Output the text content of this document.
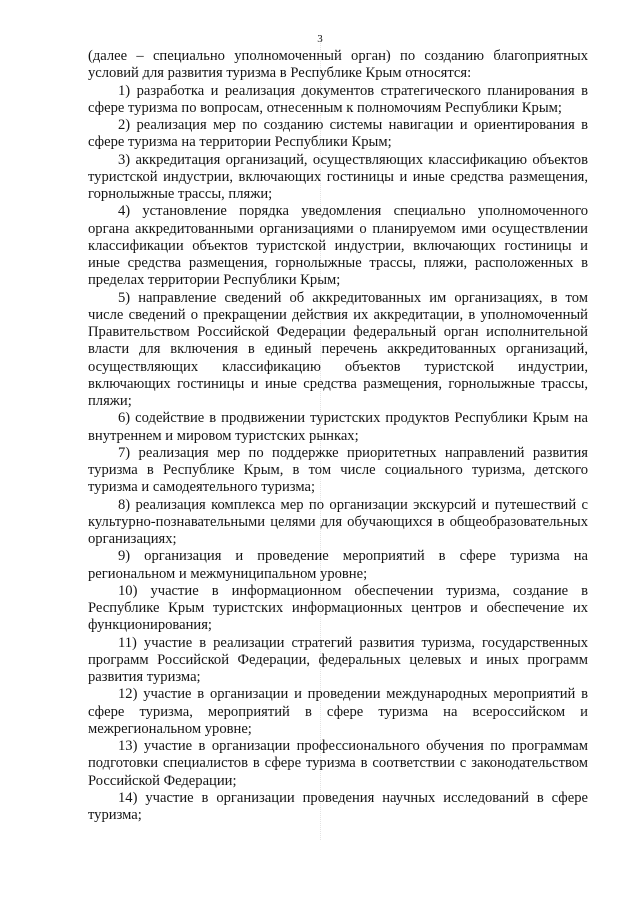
3

(далее – специально уполномоченный орган) по созданию благоприятных условий для развития туризма в Республике Крым относятся:

1) разработка и реализация документов стратегического планирования в сфере туризма по вопросам, отнесенным к полномочиям Республики Крым;

2) реализация мер по созданию системы навигации и ориентирования в сфере туризма на территории Республики Крым;

3) аккредитация организаций, осуществляющих классификацию объектов туристской индустрии, включающих гостиницы и иные средства размещения, горнолыжные трассы, пляжи;

4) установление порядка уведомления специально уполномоченного органа аккредитованными организациями о планируемом ими осуществлении классификации объектов туристской индустрии, включающих гостиницы и иные средства размещения, горнолыжные трассы, пляжи, расположенных в пределах территории Республики Крым;

5) направление сведений об аккредитованных им организациях, в том числе сведений о прекращении действия их аккредитации, в уполномоченный Правительством Российской Федерации федеральный орган исполнительной власти для включения в единый перечень аккредитованных организаций, осуществляющих классификацию объектов туристской индустрии, включающих гостиницы и иные средства размещения, горнолыжные трассы, пляжи;

6) содействие в продвижении туристских продуктов Республики Крым на внутреннем и мировом туристских рынках;

7) реализация мер по поддержке приоритетных направлений развития туризма в Республике Крым, в том числе социального туризма, детского туризма и самодеятельного туризма;

8) реализация комплекса мер по организации экскурсий и путешествий с культурно-познавательными целями для обучающихся в общеобразовательных организациях;

9) организация и проведение мероприятий в сфере туризма на региональном и межмуниципальном уровне;

10) участие в информационном обеспечении туризма, создание в Республике Крым туристских информационных центров и обеспечение их функционирования;

11) участие в реализации стратегий развития туризма, государственных программ Российской Федерации, федеральных целевых и иных программ развития туризма;

12) участие в организации и проведении международных мероприятий в сфере туризма, мероприятий в сфере туризма на всероссийском и межрегиональном уровне;

13) участие в организации профессионального обучения по программам подготовки специалистов в сфере туризма в соответствии с законодательством Российской Федерации;

14) участие в организации проведения научных исследований в сфере туризма;
